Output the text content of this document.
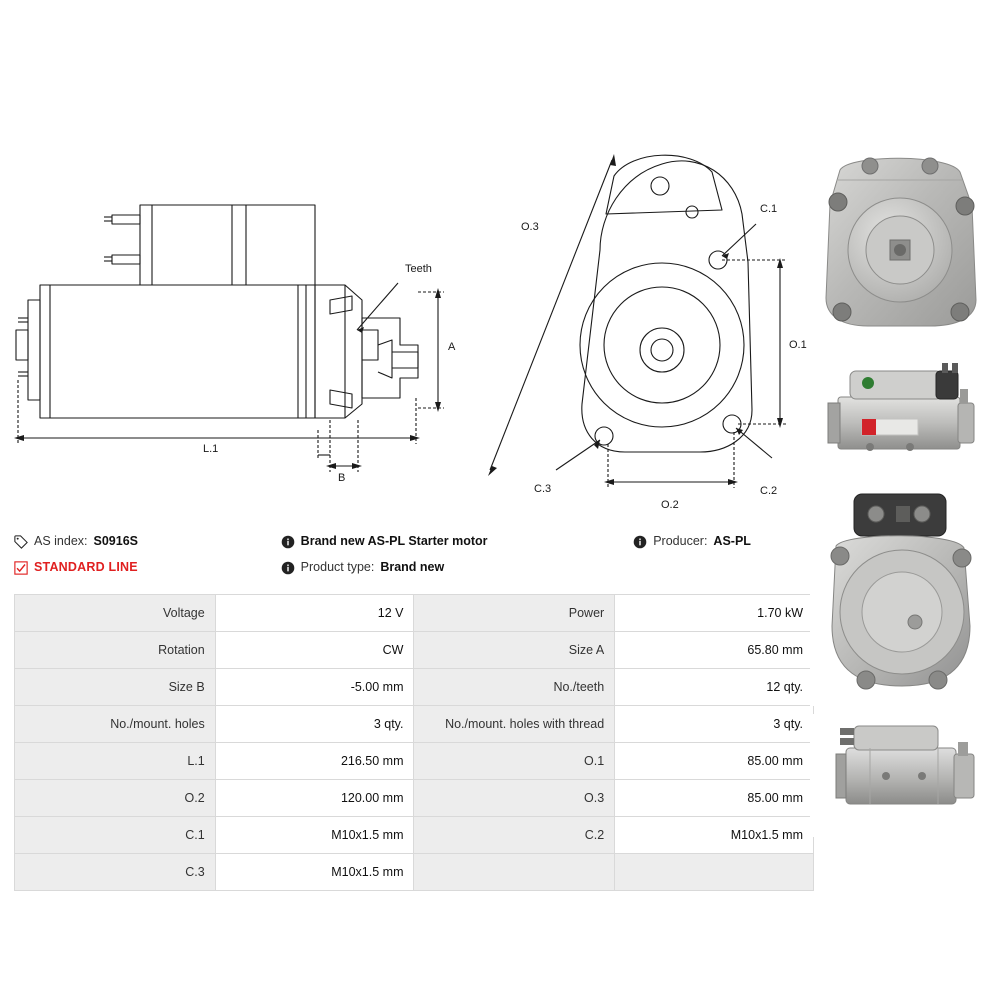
Teeth
A
B
L.1
O.1
O.2
O.3
C.1
C.2
C.3
AS index: S0916S	Brand new AS-PL Starter motor	Producer: AS-PL
STANDARD LINE	Product type: Brand new
Voltage	12 V	Power	1.70 kW
Rotation	CW	Size A	65.80 mm
Size B	-5.00 mm	No./teeth	12 qty.
No./mount. holes	3 qty.	No./mount. holes with thread	3 qty.
L.1	216.50 mm	O.1	85.00 mm
O.2	120.00 mm	O.3	85.00 mm
C.1	M10x1.5 mm	C.2	M10x1.5 mm
C.3	M10x1.5 mm		
